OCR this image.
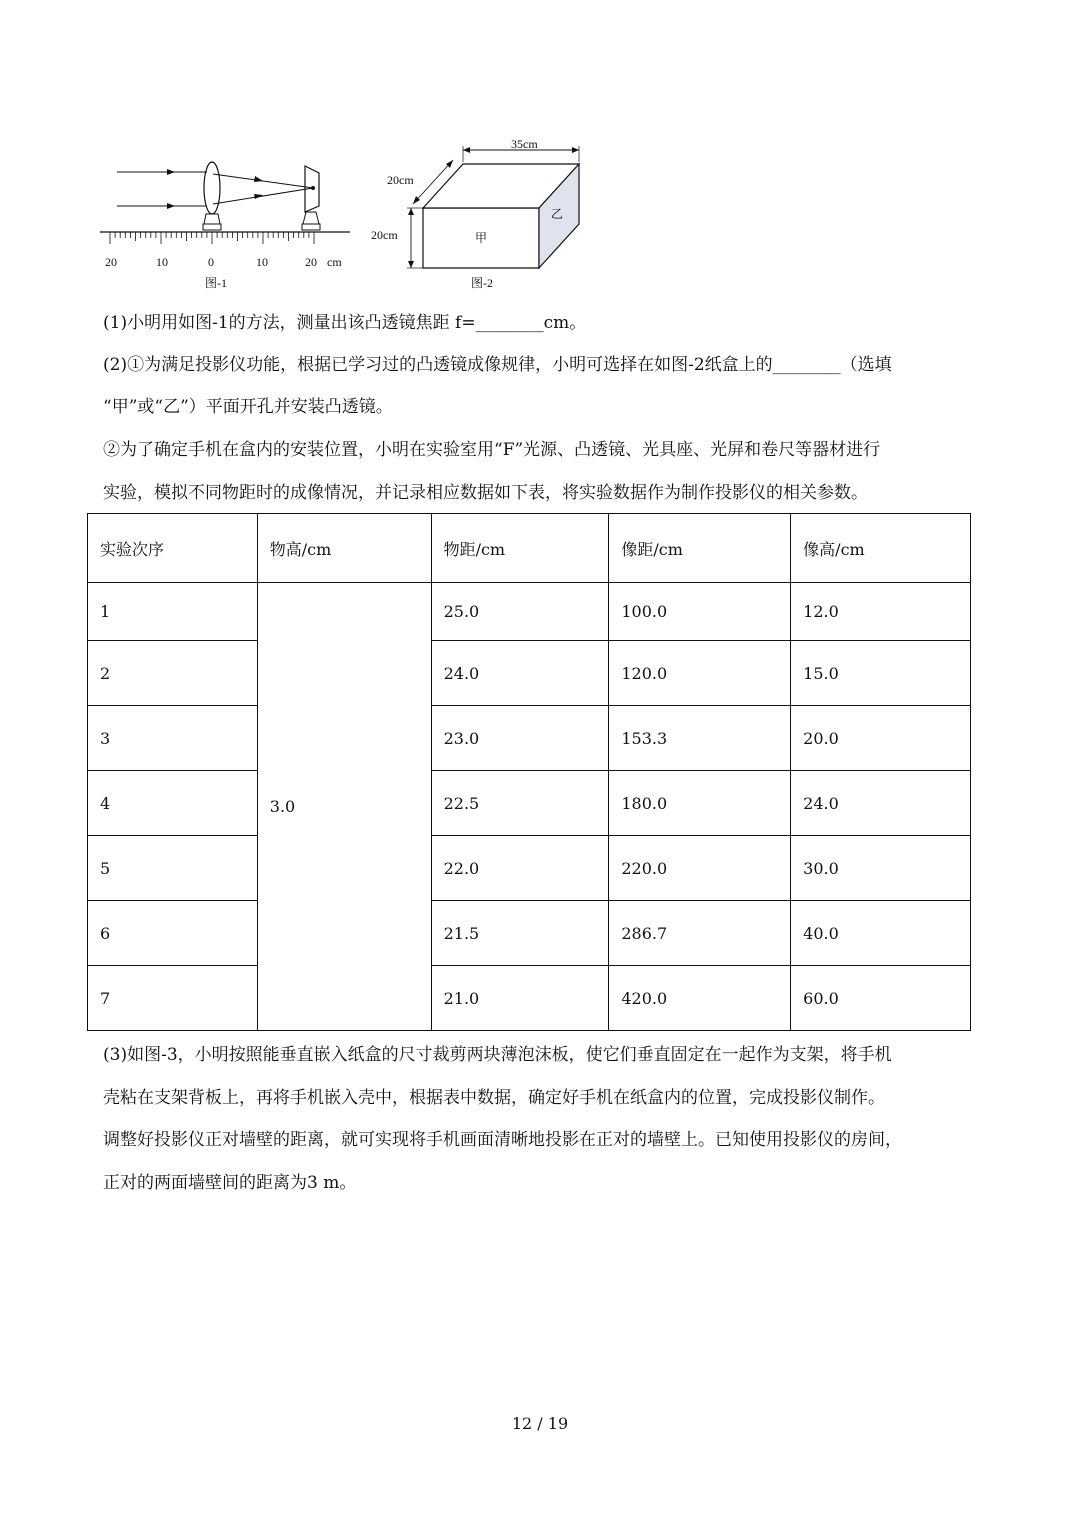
20	10	0	10	20 cm
图-1
35cm
20cm
20cm	甲
乙
图-2
(1)小明用如图-1的方法，测量出该凸透镜焦距 f=________cm。
(2)①为满足投影仪功能，根据已学习过的凸透镜成像规律，小明可选择在如图-2纸盒上的________（选填
“甲”或“乙”）平面开孔并安装凸透镜。
②为了确定手机在盒内的安装位置，小明在实验室用“F”光源、凸透镜、光具座、光屏和卷尺等器材进行
实验，模拟不同物距时的成像情况，并记录相应数据如下表，将实验数据作为制作投影仪的相关参数。
实验次序	物高/cm	物距/cm	像距/cm	像高/cm
1	3.0	25.0	100.0	12.0
2		24.0	120.0	15.0
3		23.0	153.3	20.0
4		22.5	180.0	24.0
5		22.0	220.0	30.0
6		21.5	286.7	40.0
7		21.0	420.0	60.0
(3)如图-3，小明按照能垂直嵌入纸盒的尺寸裁剪两块薄泡沫板，使它们垂直固定在一起作为支架，将手机
壳粘在支架背板上，再将手机嵌入壳中，根据表中数据，确定好手机在纸盒内的位置，完成投影仪制作。
调整好投影仪正对墙壁的距离，就可实现将手机画面清晰地投影在正对的墙壁上。已知使用投影仪的房间，
正对的两面墙壁间的距离为3 m。
12 / 19
